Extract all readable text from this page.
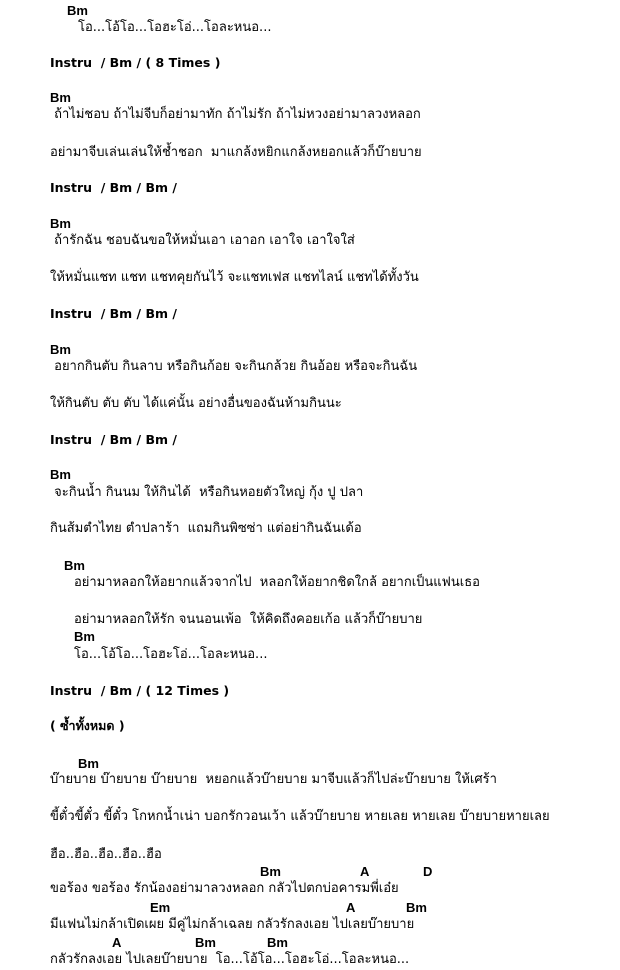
Bm
โอ...โอ้โอ...โอฮะโอ่...โอละหนอ...
Instru  / Bm / ( 8 Times )
Bm
ถ้าไม่ชอบ ถ้าไม่จีบก็อย่ามาทัก ถ้าไม่รัก ถ้าไม่หวงอย่ามาลวงหลอก
อย่ามาจีบเล่นเล่นให้ช้ำชอก  มาแกล้งหยิกแกล้งหยอกแล้วก็บ๊ายบาย
Instru  / Bm / Bm /
Bm
ถ้ารักฉัน ชอบฉันขอให้หมั่นเอา เอาอก เอาใจ เอาใจใส่
ให้หมั่นแชท แชท แชทคุยกันไว้ จะแชทเฟส แชทไลน์ แชทได้ทั้งวัน
Instru  / Bm / Bm /
Bm
อยากกินตับ กินลาบ หรือกินก้อย จะกินกล้วย กินอ้อย หรือจะกินฉัน
ให้กินตับ ตับ ตับ ได้แค่นั้น อย่างอื่นของฉันห้ามกินนะ
Instru  / Bm / Bm /
Bm
จะกินน้ำ กินนม ให้กินได้  หรือกินหอยตัวใหญ่ กุ้ง ปู ปลา
กินส้มตำไทย ตำปลาร้า  แถมกินพิซซ่า แต่อย่ากินฉันเด้อ
Bm
อย่ามาหลอกให้อยากแล้วจากไป  หลอกให้อยากชิดใกล้ อยากเป็นแฟนเธอ
อย่ามาหลอกให้รัก จนนอนเพ้อ  ให้คิดถึงคอยเก้อ แล้วก็บ๊ายบาย
Bm
โอ...โอ้โอ...โอฮะโอ่...โอละหนอ...
Instru  / Bm / ( 12 Times )
( ซ้ำทั้งหมด )
Bm
บ๊ายบาย บ๊ายบาย บ๊ายบาย  หยอกแล้วบ๊ายบาย มาจีบแล้วก็ไปล่ะบ๊ายบาย ให้เศร้า
ขี้ตั๋วขี้ตั๋ว ขี้ตั๋ว โกหกน้ำเน่า บอกรักวอนเว้า แล้วบ๊ายบาย หายเลย หายเลย บ๊ายบายหายเลย
ฮือ..ฮือ..ฮือ..ฮือ..ฮือ
Bm	A	D
ขอร้อง ขอร้อง รักน้องอย่ามาลวงหลอก กลัวไปตกบ่อคารมพี่เอ๋ย
Em	A	Bm
มีแฟนไม่กล้าเปิดเผย มีคู่ไม่กล้าเฉลย กลัวรักลงเอย ไปเลยบ๊ายบาย
A	Bm	Bm
กลัวรักลงเอย ไปเลยบ๊ายบาย  โอ...โอ้โอ...โอฮะโอ่...โอละหนอ...
